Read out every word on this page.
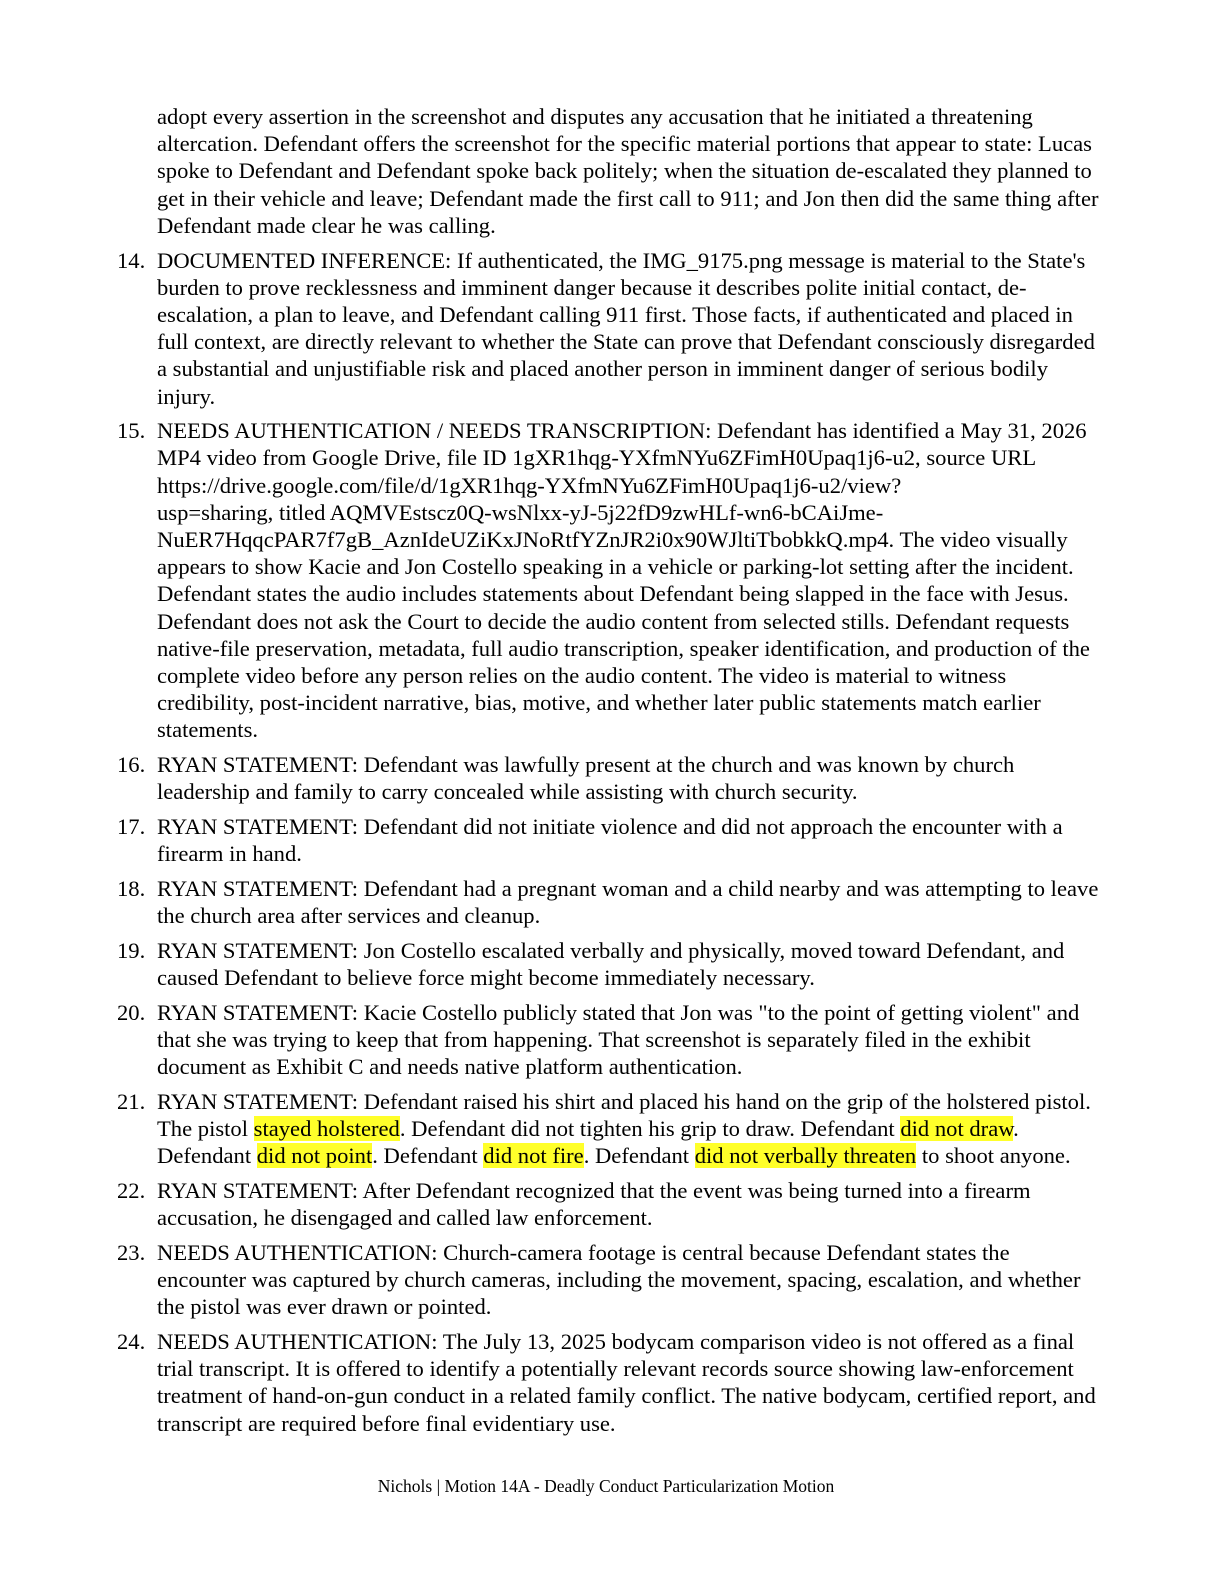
adopt every assertion in the screenshot and disputes any accusation that he initiated a threatening altercation. Defendant offers the screenshot for the specific material portions that appear to state: Lucas spoke to Defendant and Defendant spoke back politely; when the situation de-escalated they planned to get in their vehicle and leave; Defendant made the first call to 911; and Jon then did the same thing after Defendant made clear he was calling.

14. DOCUMENTED INFERENCE: If authenticated, the IMG_9175.png message is material to the State's burden to prove recklessness and imminent danger because it describes polite initial contact, de-escalation, a plan to leave, and Defendant calling 911 first. Those facts, if authenticated and placed in full context, are directly relevant to whether the State can prove that Defendant consciously disregarded a substantial and unjustifiable risk and placed another person in imminent danger of serious bodily injury.

15. NEEDS AUTHENTICATION / NEEDS TRANSCRIPTION: Defendant has identified a May 31, 2026 MP4 video from Google Drive, file ID 1gXR1hqg-YXfmNYu6ZFimH0Upaq1j6-u2, source URL https://drive.google.com/file/d/1gXR1hqg-YXfmNYu6ZFimH0Upaq1j6-u2/view?
usp=sharing, titled AQMVEstscz0Q-wsNlxx-yJ-5j22fD9zwHLf-wn6-bCAiJme-
NuER7HqqcPAR7f7gB_AznIdeUZiKxJNoRtfYZnJR2i0x90WJltiTbobkkQ.mp4. The video visually appears to show Kacie and Jon Costello speaking in a vehicle or parking-lot setting after the incident. Defendant states the audio includes statements about Defendant being slapped in the face with Jesus. Defendant does not ask the Court to decide the audio content from selected stills. Defendant requests native-file preservation, metadata, full audio transcription, speaker identification, and production of the complete video before any person relies on the audio content. The video is material to witness credibility, post-incident narrative, bias, motive, and whether later public statements match earlier statements.

16. RYAN STATEMENT: Defendant was lawfully present at the church and was known by church leadership and family to carry concealed while assisting with church security.

17. RYAN STATEMENT: Defendant did not initiate violence and did not approach the encounter with a firearm in hand.

18. RYAN STATEMENT: Defendant had a pregnant woman and a child nearby and was attempting to leave the church area after services and cleanup.

19. RYAN STATEMENT: Jon Costello escalated verbally and physically, moved toward Defendant, and caused Defendant to believe force might become immediately necessary.

20. RYAN STATEMENT: Kacie Costello publicly stated that Jon was "to the point of getting violent" and that she was trying to keep that from happening. That screenshot is separately filed in the exhibit document as Exhibit C and needs native platform authentication.

21. RYAN STATEMENT: Defendant raised his shirt and placed his hand on the grip of the holstered pistol. The pistol stayed holstered. Defendant did not tighten his grip to draw. Defendant did not draw. Defendant did not point. Defendant did not fire. Defendant did not verbally threaten to shoot anyone.

22. RYAN STATEMENT: After Defendant recognized that the event was being turned into a firearm accusation, he disengaged and called law enforcement.

23. NEEDS AUTHENTICATION: Church-camera footage is central because Defendant states the encounter was captured by church cameras, including the movement, spacing, escalation, and whether the pistol was ever drawn or pointed.

24. NEEDS AUTHENTICATION: The July 13, 2025 bodycam comparison video is not offered as a final trial transcript. It is offered to identify a potentially relevant records source showing law-enforcement treatment of hand-on-gun conduct in a related family conflict. The native bodycam, certified report, and transcript are required before final evidentiary use.

Nichols | Motion 14A - Deadly Conduct Particularization Motion
